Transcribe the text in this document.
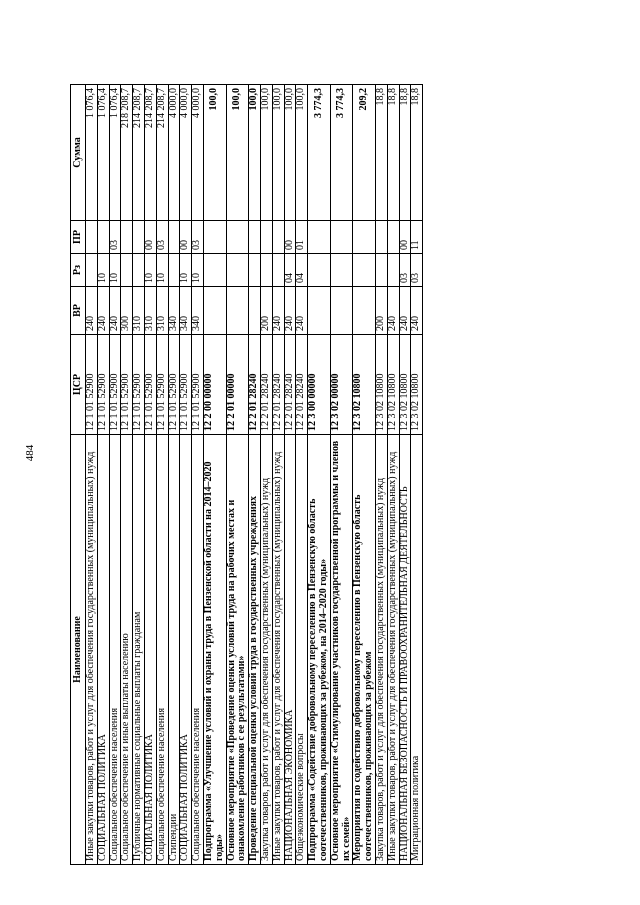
484
Наименование	ЦСР	ВР	Рз	ПР	Сумма
Иные закупки товаров, работ и услуг для обеспечения государственных (муниципальных) нужд	12 1 01 52900	240			1 076,4
СОЦИАЛЬНАЯ ПОЛИТИКА	12 1 01 52900	240	10		1 076,4
Социальное обеспечение населения	12 1 01 52900	240	10	03	1 076,4
Социальное обеспечение и иные выплаты населению	12 1 01 52900	300			218 208,7
Публичные нормативные социальные выплаты гражданам	12 1 01 52900	310			214 208,7
СОЦИАЛЬНАЯ ПОЛИТИКА	12 1 01 52900	310	10	00	214 208,7
Социальное обеспечение населения	12 1 01 52900	310	10	03	214 208,7
Стипендии	12 1 01 52900	340			4 000,0
СОЦИАЛЬНАЯ ПОЛИТИКА	12 1 01 52900	340	10	00	4 000,0
Социальное обеспечение населения	12 1 01 52900	340	10	03	4 000,0
Подпрограмма «Улучшение условий и охраны труда в Пензенской области на 2014–2020 годы»	12 2 00 00000				100,0
Основное мероприятие «Проведение оценки условий труда на рабочих местах и ознакомление работников с ее результатами»	12 2 01 00000				100,0
Проведение специальной оценки условий труда в государственных учреждениях	12 2 01 28240				100,0
Закупка товаров, работ и услуг для обеспечения государственных (муниципальных) нужд	12 2 01 28240	200			100,0
Иные закупки товаров, работ и услуг для обеспечения государственных (муниципальных) нужд	12 2 01 28240	240			100,0
НАЦИОНАЛЬНАЯ ЭКОНОМИКА	12 2 01 28240	240	04	00	100,0
Общеэкономические вопросы	12 2 01 28240	240	04	01	100,0
Подпрограмма «Содействие добровольному переселению в Пензенскую область соотечественников, проживающих за рубежом, на 2014–2020 годы»	12 3 00 00000				3 774,3
Основное мероприятие «Стимулирование участников государственной программы и членов их семей»	12 3 02 00000				3 774,3
Мероприятия по содействию добровольному переселению в Пензенскую область соотечественников, проживающих за рубежом	12 3 02 10800				209,2
Закупка товаров, работ и услуг для обеспечения государственных (муниципальных) нужд	12 3 02 10800	200			18,8
Иные закупки товаров, работ и услуг для обеспечения государственных (муниципальных) нужд	12 3 02 10800	240			18,8
НАЦИОНАЛЬНАЯ БЕЗОПАСНОСТЬ И ПРАВООХРАНИТЕЛЬНАЯ ДЕЯТЕЛЬНОСТЬ	12 3 02 10800	240	03	00	18,8
Миграционная политика	12 3 02 10800	240	03	11	18,8
